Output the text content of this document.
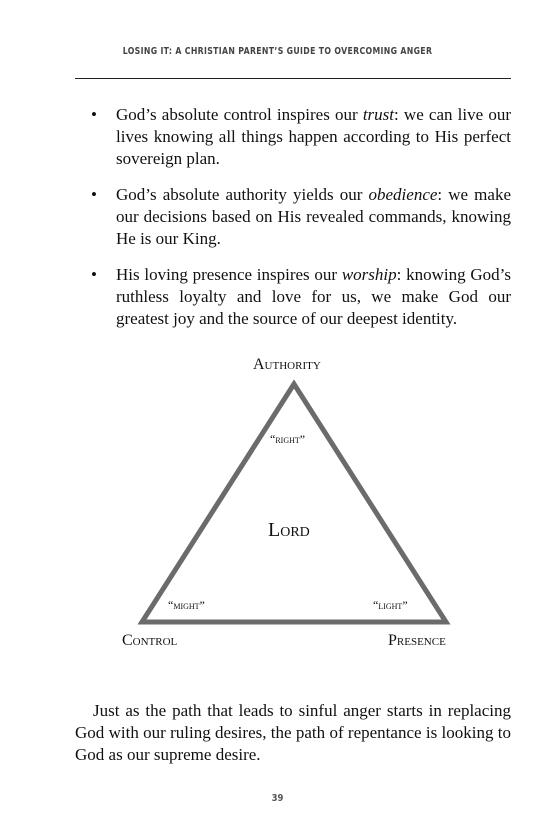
LOSING IT: A CHRISTIAN PARENT’S GUIDE TO OVERCOMING ANGER
• God’s absolute control inspires our trust: we can live our lives knowing all things happen according to His perfect sovereign plan.
• God’s absolute authority yields our obedience: we make our decisions based on His revealed commands, knowing He is our King.
• His loving presence inspires our worship: knowing God’s ruthless loyalty and love for us, we make God our greatest joy and the source of our deepest identity.
Authority
“right”
Lord
“might”	“light”
Control	Presence

Just as the path that leads to sinful anger starts in replacing God with our ruling desires, the path of repentance is looking to God as our supreme desire.

39
